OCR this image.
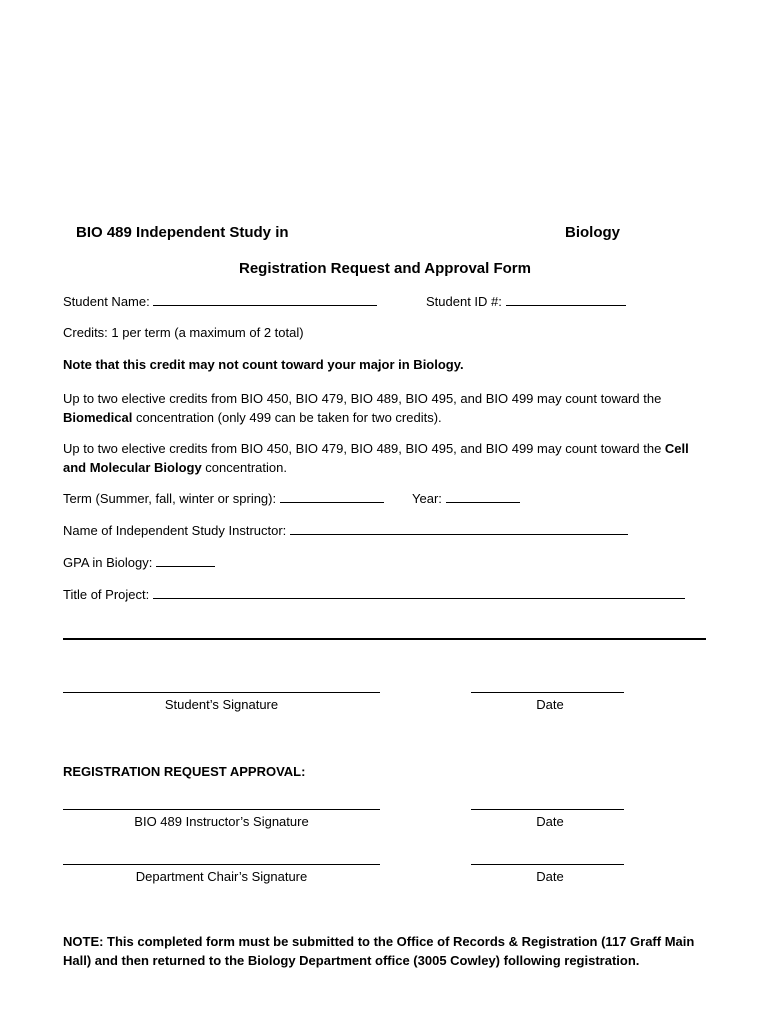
BIO 489 Independent Study in	Biology
Registration Request and Approval Form
Student Name:	Student ID #:
Credits: 1 per term (a maximum of 2 total)
Note that this credit may not count toward your major in Biology.
Up to two elective credits from BIO 450, BIO 479, BIO 489, BIO 495, and BIO 499 may count toward the Biomedical concentration (only 499 can be taken for two credits).
Up to two elective credits from BIO 450, BIO 479, BIO 489, BIO 495, and BIO 499 may count toward the Cell and Molecular Biology concentration.
Term (Summer, fall, winter or spring):	Year:
Name of Independent Study Instructor:
GPA in Biology:
Title of Project:
Student’s Signature	Date
REGISTRATION REQUEST APPROVAL:
BIO 489 Instructor’s Signature	Date
Department Chair’s Signature	Date
NOTE: This completed form must be submitted to the Office of Records & Registration (117 Graff Main Hall) and then returned to the Biology Department office (3005 Cowley) following registration.
